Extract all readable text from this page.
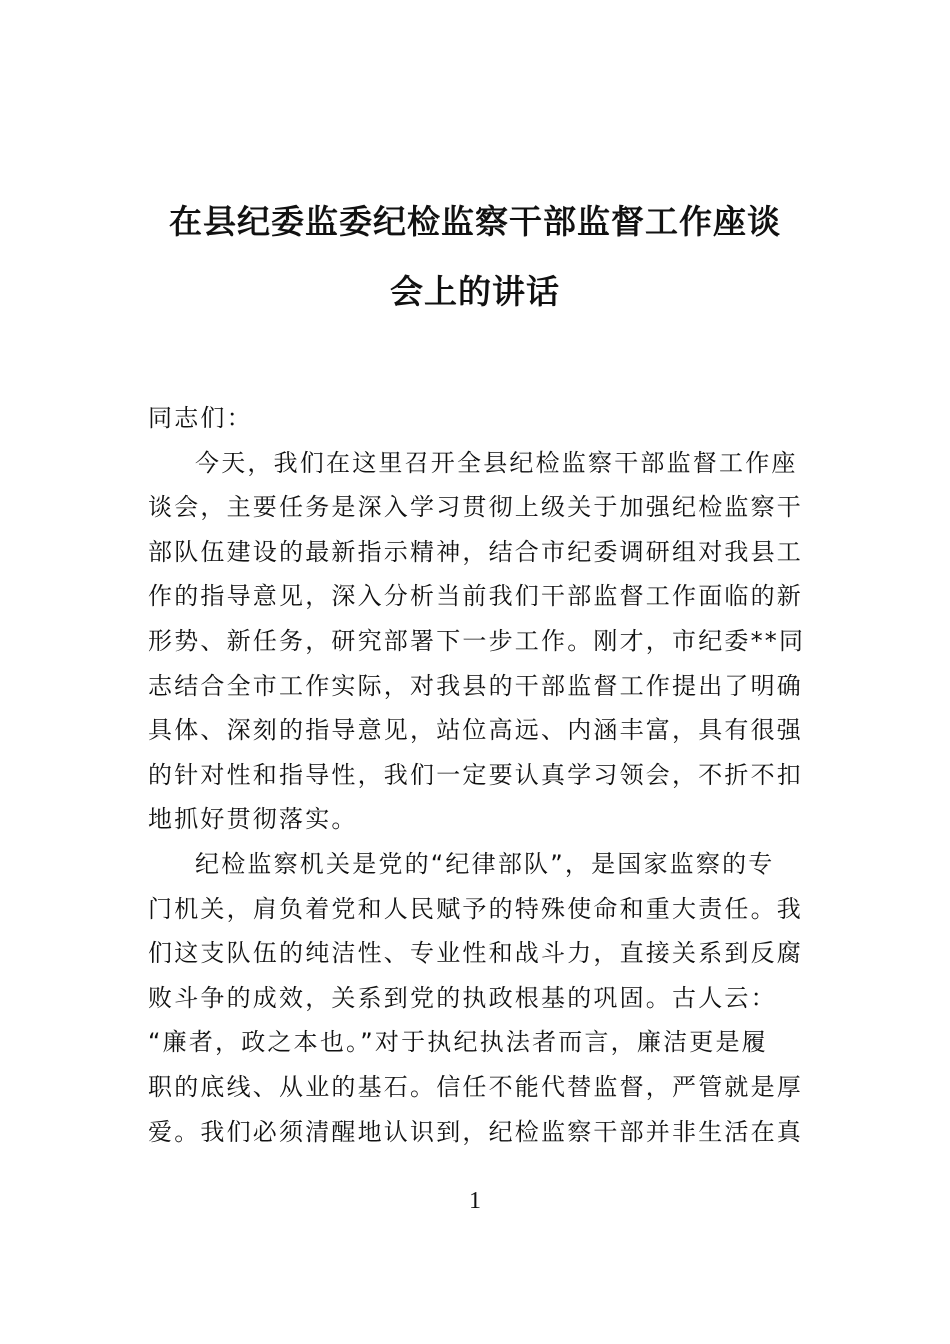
在县纪委监委纪检监察干部监督工作座谈
会上的讲话
同志们：
今天，我们在这里召开全县纪检监察干部监督工作座
谈会，主要任务是深入学习贯彻上级关于加强纪检监察干
部队伍建设的最新指示精神，结合市纪委调研组对我县工
作的指导意见，深入分析当前我们干部监督工作面临的新
形势、新任务，研究部署下一步工作。刚才，市纪委**同
志结合全市工作实际，对我县的干部监督工作提出了明确
具体、深刻的指导意见，站位高远、内涵丰富，具有很强
的针对性和指导性，我们一定要认真学习领会，不折不扣
地抓好贯彻落实。
纪检监察机关是党的“纪律部队”，是国家监察的专
门机关，肩负着党和人民赋予的特殊使命和重大责任。我
们这支队伍的纯洁性、专业性和战斗力，直接关系到反腐
败斗争的成效，关系到党的执政根基的巩固。古人云：
“廉者，政之本也。”对于执纪执法者而言，廉洁更是履
职的底线、从业的基石。信任不能代替监督，严管就是厚
爱。我们必须清醒地认识到，纪检监察干部并非生活在真
1
